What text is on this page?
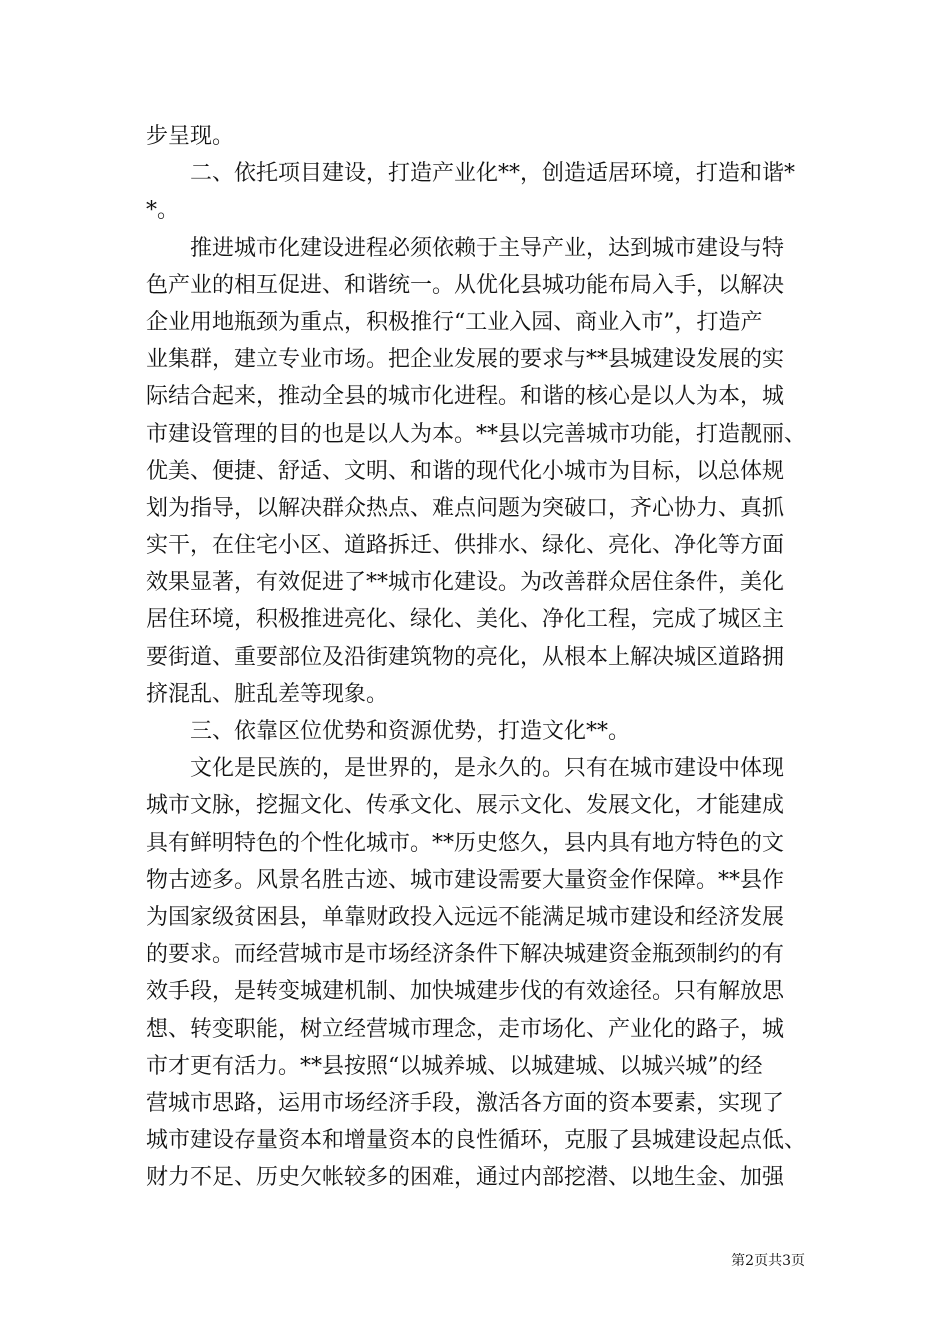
步呈现。
二、依托项目建设，打造产业化**，创造适居环境，打造和谐*
*。
推进城市化建设进程必须依赖于主导产业，达到城市建设与特
色产业的相互促进、和谐统一。从优化县城功能布局入手，以解决
企业用地瓶颈为重点，积极推行“工业入园、商业入市”，打造产
业集群，建立专业市场。把企业发展的要求与**县城建设发展的实
际结合起来，推动全县的城市化进程。和谐的核心是以人为本，城
市建设管理的目的也是以人为本。**县以完善城市功能，打造靓丽、
优美、便捷、舒适、文明、和谐的现代化小城市为目标，以总体规
划为指导，以解决群众热点、难点问题为突破口，齐心协力、真抓
实干，在住宅小区、道路拆迁、供排水、绿化、亮化、净化等方面
效果显著，有效促进了**城市化建设。为改善群众居住条件，美化
居住环境，积极推进亮化、绿化、美化、净化工程，完成了城区主
要街道、重要部位及沿街建筑物的亮化，从根本上解决城区道路拥
挤混乱、脏乱差等现象。
三、依靠区位优势和资源优势，打造文化**。
文化是民族的，是世界的，是永久的。只有在城市建设中体现
城市文脉，挖掘文化、传承文化、展示文化、发展文化，才能建成
具有鲜明特色的个性化城市。**历史悠久，县内具有地方特色的文
物古迹多。风景名胜古迹、城市建设需要大量资金作保障。**县作
为国家级贫困县，单靠财政投入远远不能满足城市建设和经济发展
的要求。而经营城市是市场经济条件下解决城建资金瓶颈制约的有
效手段，是转变城建机制、加快城建步伐的有效途径。只有解放思
想、转变职能，树立经营城市理念，走市场化、产业化的路子，城
市才更有活力。**县按照“以城养城、以城建城、以城兴城”的经
营城市思路，运用市场经济手段，激活各方面的资本要素，实现了
城市建设存量资本和增量资本的良性循环，克服了县城建设起点低、
财力不足、历史欠帐较多的困难，通过内部挖潜、以地生金、加强
第2页共3页
